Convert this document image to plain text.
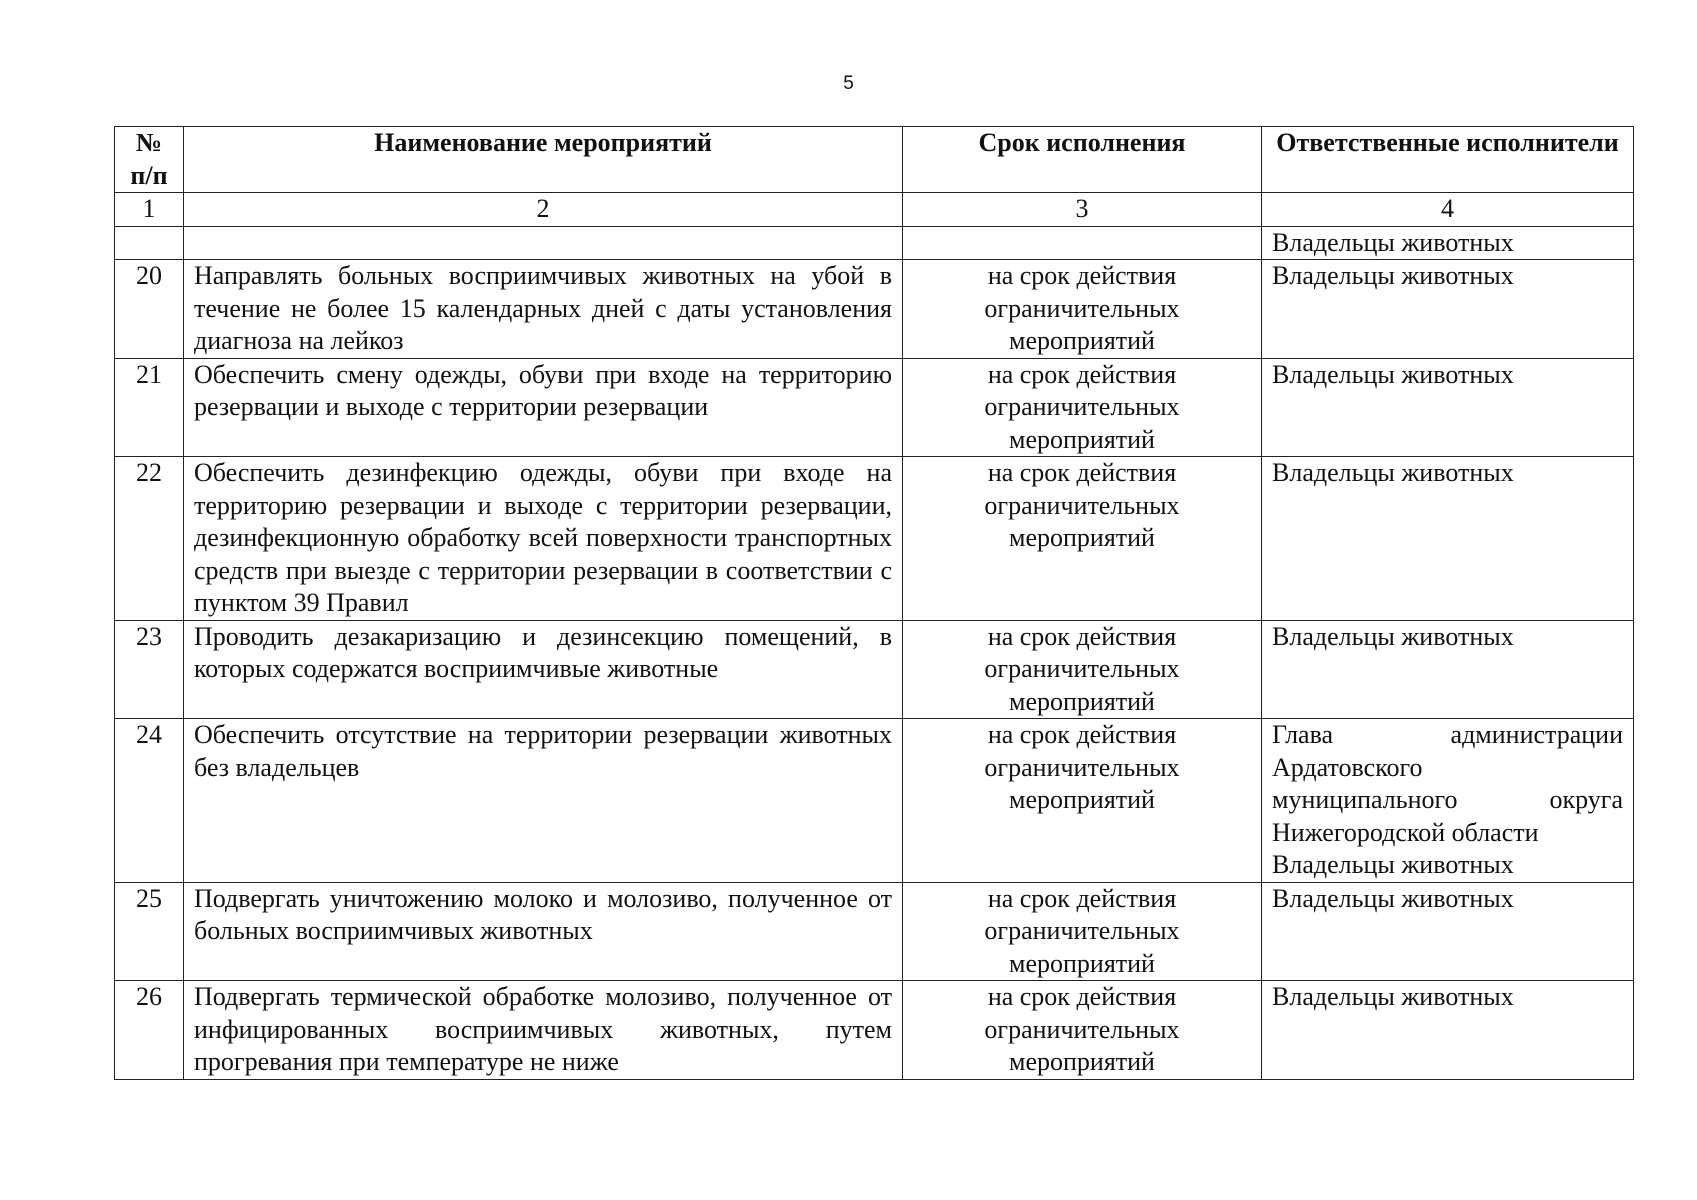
5
№ п/п	Наименование мероприятий	Срок исполнения	Ответственные исполнители
1	2	3	4
			Владельцы животных
20	Направлять больных восприимчивых животных на убой в течение не более 15 календарных дней с даты установления диагноза на лейкоз	на срок действия ограничительных мероприятий	Владельцы животных

21	Обеспечить смену одежды, обуви при входе на территорию резервации и выходе с территории резервации	на срок действия ограничительных мероприятий	Владельцы животных

22	Обеспечить дезинфекцию одежды, обуви при входе на территорию резервации и выходе с территории резервации, дезинфекционную обработку всей поверхности транспортных средств при выезде с территории резервации в соответствии с пунктом 39 Правил	на срок действия ограничительных мероприятий	Владельцы животных

23	Проводить дезакаризацию и дезинсекцию помещений, в которых содержатся восприимчивые животные	на срок действия ограничительных мероприятий	Владельцы животных

24	Обеспечить отсутствие на территории резервации животных без владельцев	на срок действия ограничительных мероприятий	Глава администрации
Ардатовского
муниципального округа
Нижегородской области
Владельцы животных

25	Подвергать уничтожению молоко и молозиво, полученное от больных восприимчивых животных	на срок действия ограничительных мероприятий	Владельцы животных

26	Подвергать термической обработке молозиво, полученное от инфицированных восприимчивых животных, путем прогревания при температуре не ниже	на срок действия ограничительных мероприятий	Владельцы животных
